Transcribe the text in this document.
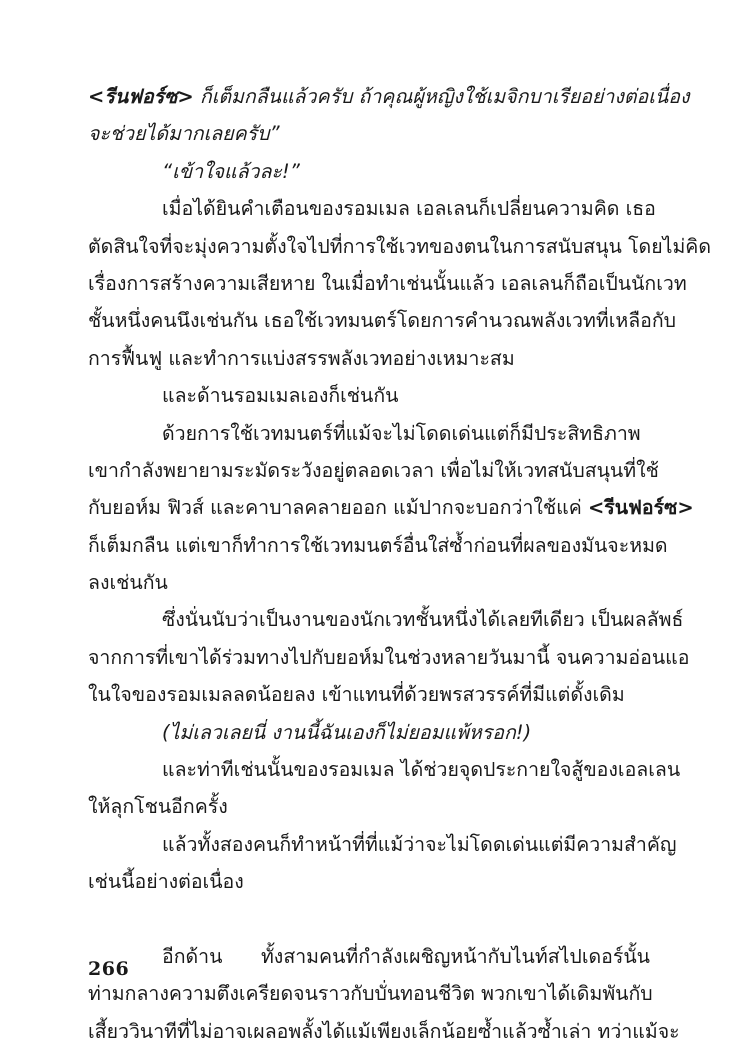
<รีนฟอร์ซ> ก็เต็มกลืนแล้วครับ ถ้าคุณผู้หญิงใช้เมจิกบาเรียอย่างต่อเนื่อง
จะช่วยได้มากเลยครับ”
“เข้าใจแล้วละ!”
เมื่อได้ยินคำเตือนของรอมเมล เอลเลนก็เปลี่ยนความคิด เธอ
ตัดสินใจที่จะมุ่งความตั้งใจไปที่การใช้เวทของตนในการสนับสนุน โดยไม่คิด
เรื่องการสร้างความเสียหาย ในเมื่อทำเช่นนั้นแล้ว เอลเลนก็ถือเป็นนักเวท
ชั้นหนึ่งคนนึงเช่นกัน เธอใช้เวทมนตร์โดยการคำนวณพลังเวทที่เหลือกับ
การฟื้นฟู และทำการแบ่งสรรพลังเวทอย่างเหมาะสม
และด้านรอมเมลเองก็เช่นกัน
ด้วยการใช้เวทมนตร์ที่แม้จะไม่โดดเด่นแต่ก็มีประสิทธิภาพ
เขากำลังพยายามระมัดระวังอยู่ตลอดเวลา เพื่อไม่ให้เวทสนับสนุนที่ใช้
กับยอห์ม ฟิวส์ และคาบาลคลายออก แม้ปากจะบอกว่าใช้แค่ <รีนฟอร์ซ>
ก็เต็มกลืน แต่เขาก็ทำการใช้เวทมนตร์อื่นใส่ซ้ำก่อนที่ผลของมันจะหมด
ลงเช่นกัน
ซึ่งนั่นนับว่าเป็นงานของนักเวทชั้นหนึ่งได้เลยทีเดียว เป็นผลลัพธ์
จากการที่เขาได้ร่วมทางไปกับยอห์มในช่วงหลายวันมานี้ จนความอ่อนแอ
ในใจของรอมเมลลดน้อยลง เข้าแทนที่ด้วยพรสวรรค์ที่มีแต่ดั้งเดิม
(ไม่เลวเลยนี่ งานนี้ฉันเองก็ไม่ยอมแพ้หรอก!)
และท่าทีเช่นนั้นของรอมเมล ได้ช่วยจุดประกายใจสู้ของเอลเลน
ให้ลุกโชนอีกครั้ง
แล้วทั้งสองคนก็ทำหน้าที่ที่แม้ว่าจะไม่โดดเด่นแต่มีความสำคัญ
เช่นนี้อย่างต่อเนื่อง
อีกด้าน ทั้งสามคนที่กำลังเผชิญหน้ากับไนท์สไปเดอร์นั้น
ท่ามกลางความตึงเครียดจนราวกับบั่นทอนชีวิต พวกเขาได้เดิมพันกับ
เสี้ยววินาทีที่ไม่อาจเผลอพลั้งได้แม้เพียงเล็กน้อยซ้ำแล้วซ้ำเล่า ทว่าแม้จะ
266
